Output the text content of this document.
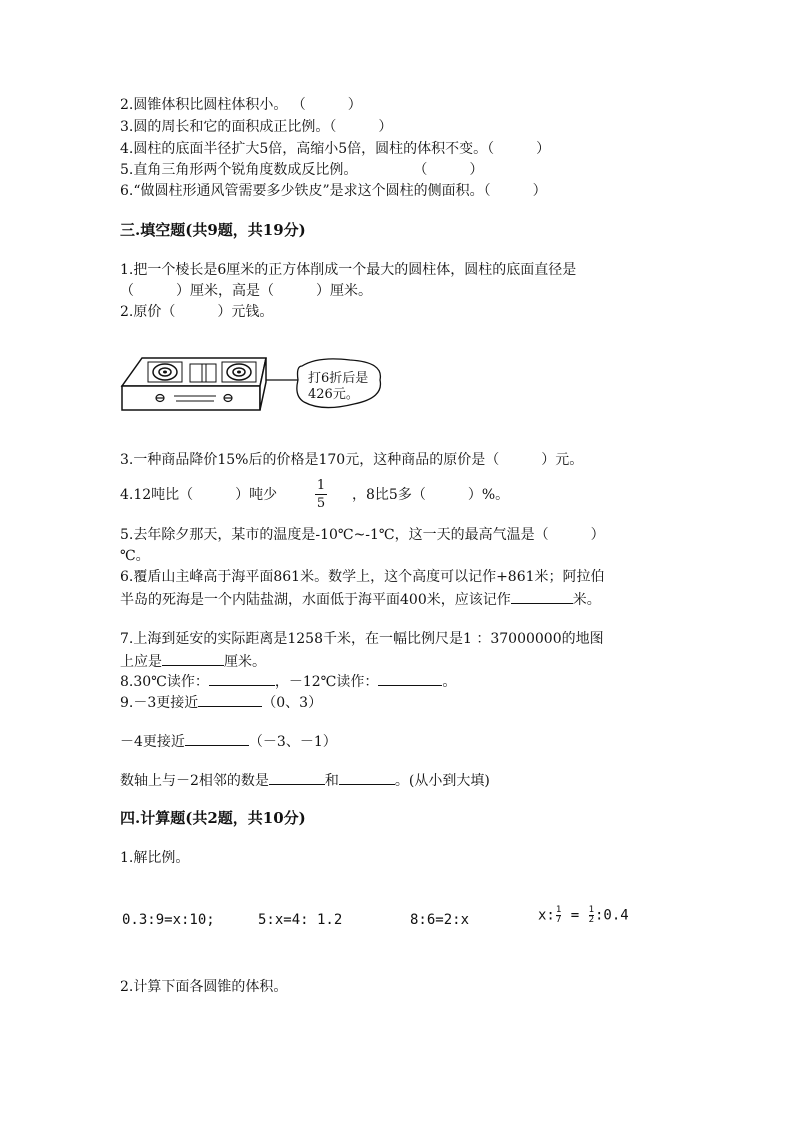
2.圆锥体积比圆柱体积小。 （　　　）
3.圆的周长和它的面积成正比例。（　　　）
4.圆柱的底面半径扩大5倍，高缩小5倍，圆柱的体积不变。（　　　）
5.直角三角形两个锐角度数成反比例。　　　　　（　　　）
6.“做圆柱形通风管需要多少铁皮”是求这个圆柱的侧面积。（　　　）
三.填空题(共9题，共19分)
1.把一个棱长是6厘米的正方体削成一个最大的圆柱体，圆柱的底面直径是
（　　　）厘米，高是（　　　）厘米。
2.原价（　　　）元钱。
打6折后是
426元。
3.一种商品降价15%后的价格是170元，这种商品的原价是（　　　）元。
4.12吨比（　　　）吨少
1
5
，8比5多（　　　）%。
5.去年除夕那天，某市的温度是-10℃~-1℃，这一天的最高气温是（　　　）
℃。
6.覆盾山主峰高于海平面861米。数学上，这个高度可以记作+861米；阿拉伯
半岛的死海是一个内陆盐湖，水面低于海平面400米，应该记作	米。
7.上海到延安的实际距离是1258千米，在一幅比例尺是1 ：37000000的地图
上应是	厘米。
8.30℃读作：	，－12℃读作：	。
9.－3更接近	（0、3）
－4更接近	（－3、－1）
数轴上与－2相邻的数是	和	。(从小到大填)
四.计算题(共2题，共10分)
1.解比例。
0.3:9=x:10;	5:x=4: 1.2	8:6=2:x	$x:\frac{1}{7}$ = $\frac{1}{2}:0.4$
2.计算下面各圆锥的体积。
